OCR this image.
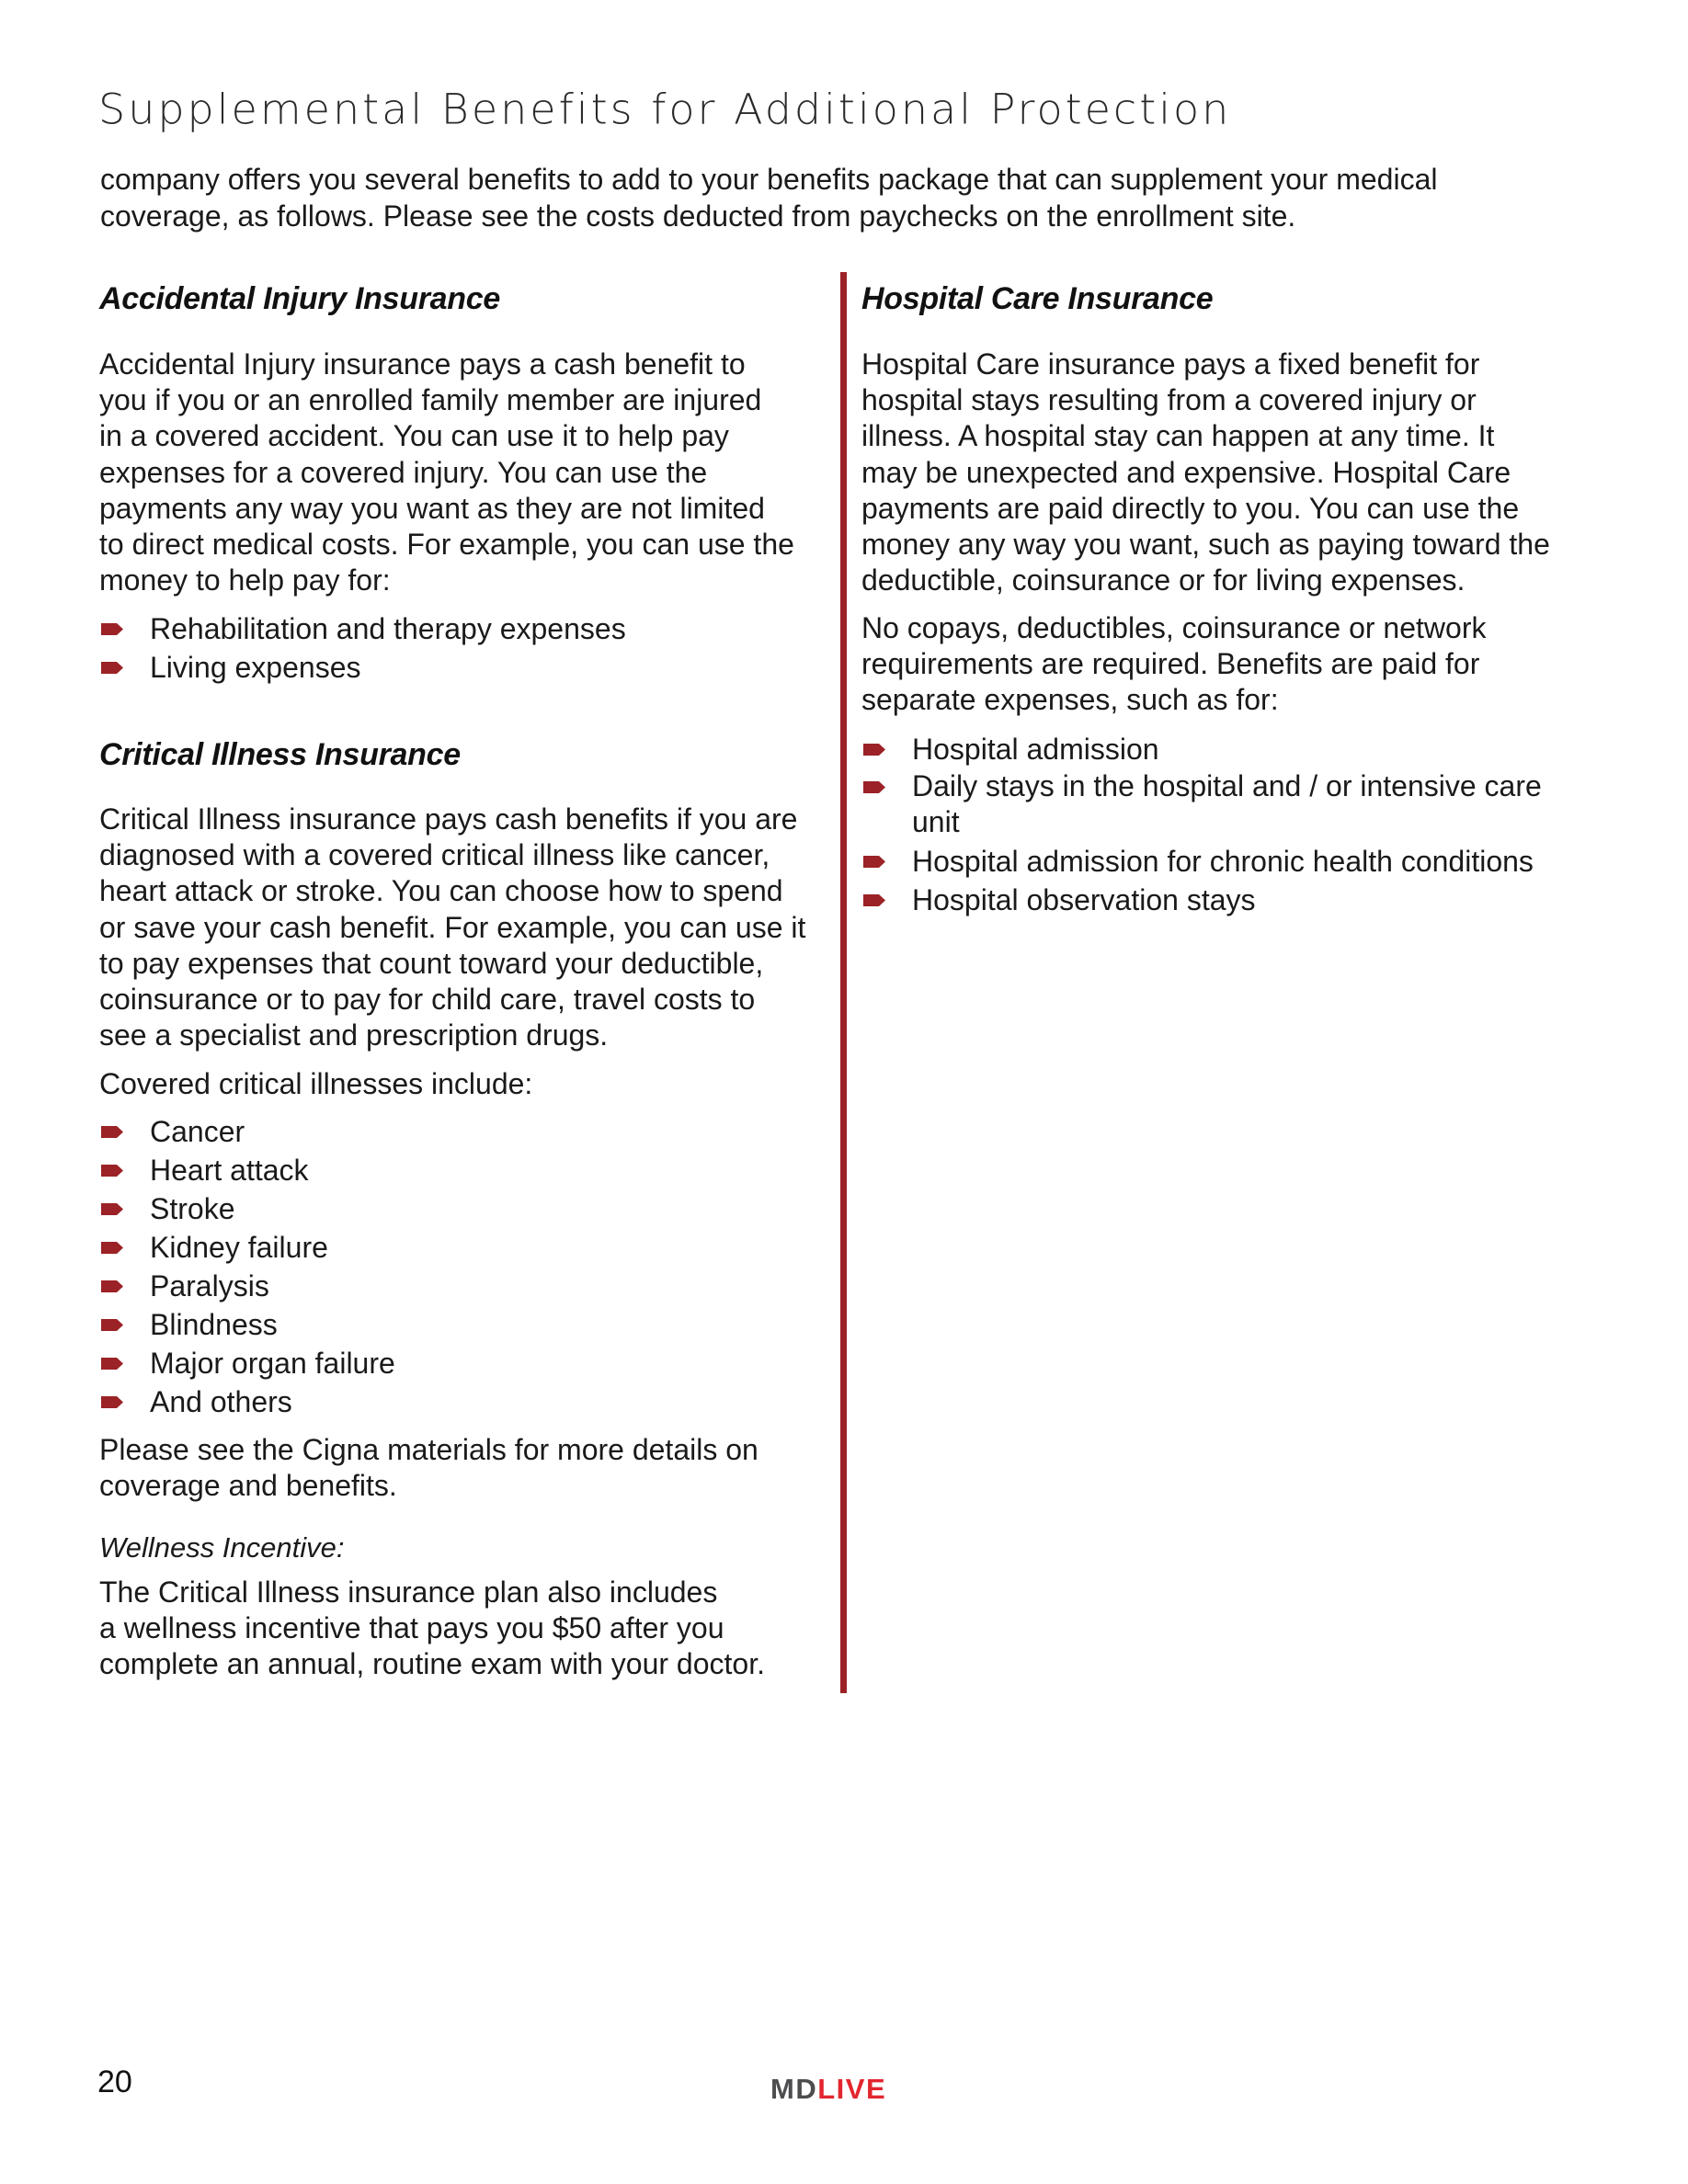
Supplemental Benefits for Additional Protection
company offers you several benefits to add to your benefits package that can supplement your medical
coverage, as follows. Please see the costs deducted from paychecks on the enrollment site.
Accidental Injury Insurance
Accidental Injury insurance pays a cash benefit to
you if you or an enrolled family member are injured
in a covered accident. You can use it to help pay
expenses for a covered injury. You can use the
payments any way you want as they are not limited
to direct medical costs. For example, you can use the
money to help pay for:
Rehabilitation and therapy expenses
Living expenses
Critical Illness Insurance
Critical Illness insurance pays cash benefits if you are
diagnosed with a covered critical illness like cancer,
heart attack or stroke. You can choose how to spend
or save your cash benefit. For example, you can use it
to pay expenses that count toward your deductible,
coinsurance or to pay for child care, travel costs to
see a specialist and prescription drugs.
Covered critical illnesses include:
Cancer
Heart attack
Stroke
Kidney failure
Paralysis
Blindness
Major organ failure
And others
Please see the Cigna materials for more details on
coverage and benefits.
Wellness Incentive:
The Critical Illness insurance plan also includes
a wellness incentive that pays you $50 after you
complete an annual, routine exam with your doctor.
Hospital Care Insurance
Hospital Care insurance pays a fixed benefit for
hospital stays resulting from a covered injury or
illness. A hospital stay can happen at any time. It
may be unexpected and expensive. Hospital Care
payments are paid directly to you. You can use the
money any way you want, such as paying toward the
deductible, coinsurance or for living expenses.
No copays, deductibles, coinsurance or network
requirements are required. Benefits are paid for
separate expenses, such as for:
Hospital admission
Daily stays in the hospital and / or intensive care
unit
Hospital admission for chronic health conditions
Hospital observation stays
20	MDLIVE
